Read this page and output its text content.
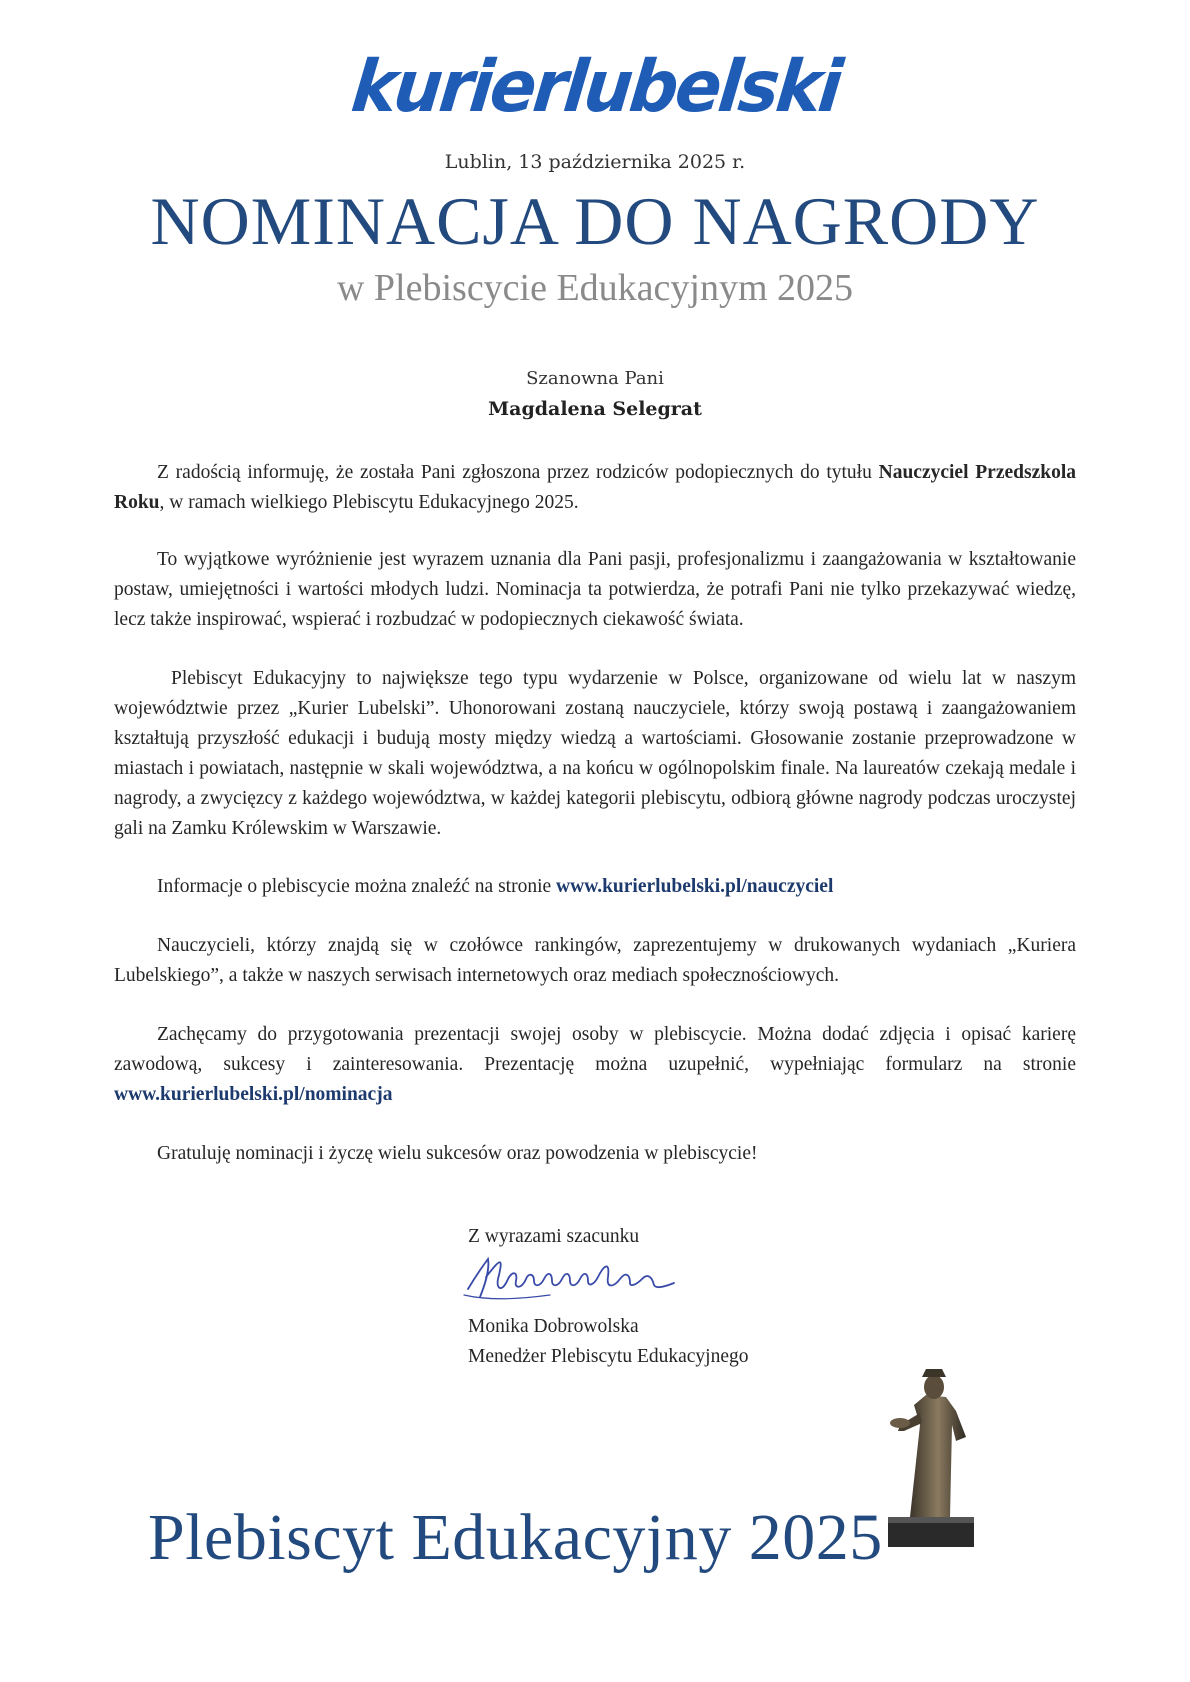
kurierlubelski
Lublin, 13 października 2025 r.
NOMINACJA DO NAGRODY
w Plebiscycie Edukacyjnym 2025
Szanowna Pani
Magdalena Selegrat

Z radością informuję, że została Pani zgłoszona przez rodziców podopiecznych do tytułu Nauczyciel Przedszkola Roku, w ramach wielkiego Plebiscytu Edukacyjnego 2025.

To wyjątkowe wyróżnienie jest wyrazem uznania dla Pani pasji, profesjonalizmu i zaangażowania w kształtowanie postaw, umiejętności i wartości młodych ludzi. Nominacja ta potwierdza, że potrafi Pani nie tylko przekazywać wiedzę, lecz także inspirować, wspierać i rozbudzać w podopiecznych ciekawość świata.

Plebiscyt Edukacyjny to największe tego typu wydarzenie w Polsce, organizowane od wielu lat w naszym województwie przez „Kurier Lubelski”. Uhonorowani zostaną nauczyciele, którzy swoją postawą i zaangażowaniem kształtują przyszłość edukacji i budują mosty między wiedzą a wartościami. Głosowanie zostanie przeprowadzone w miastach i powiatach, następnie w skali województwa, a na końcu w ogólnopolskim finale. Na laureatów czekają medale i nagrody, a zwycięzcy z każdego województwa, w każdej kategorii plebiscytu, odbiorą główne nagrody podczas uroczystej gali na Zamku Królewskim w Warszawie.

Informacje o plebiscycie można znaleźć na stronie www.kurierlubelski.pl/nauczyciel

Nauczycieli, którzy znajdą się w czołówce rankingów, zaprezentujemy w drukowanych wydaniach „Kuriera Lubelskiego”, a także w naszych serwisach internetowych oraz mediach społecznościowych.

Zachęcamy do przygotowania prezentacji swojej osoby w plebiscycie. Można dodać zdjęcia i opisać karierę zawodową, sukcesy i zainteresowania. Prezentację można uzupełnić, wypełniając formularz na stronie www.kurierlubelski.pl/nominacja

Gratuluję nominacji i życzę wielu sukcesów oraz powodzenia w plebiscycie!

Z wyrazami szacunku
Monika Dobrowolska
Menedżer Plebiscytu Edukacyjnego
Plebiscyt Edukacyjny 2025
